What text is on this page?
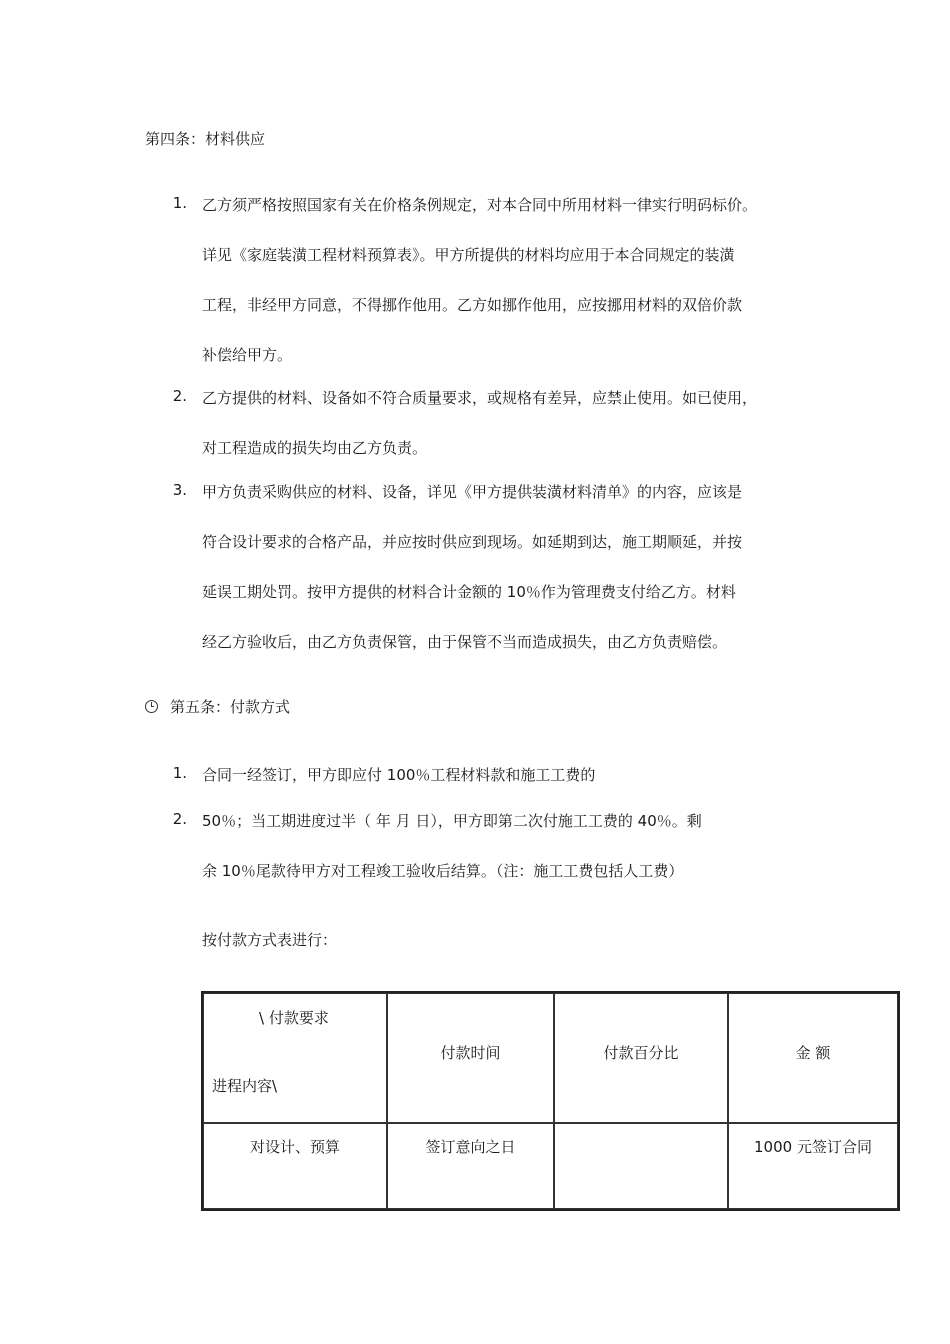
第四条：材料供应
1. 乙方须严格按照国家有关在价格条例规定，对本合同中所用材料一律实行明码标价。
详见《家庭装潢工程材料预算表》。甲方所提供的材料均应用于本合同规定的装潢
工程，非经甲方同意，不得挪作他用。乙方如挪作他用，应按挪用材料的双倍价款
补偿给甲方。
2. 乙方提供的材料、设备如不符合质量要求，或规格有差异，应禁止使用。如已使用，
对工程造成的损失均由乙方负责。
3. 甲方负责采购供应的材料、设备，详见《甲方提供装潢材料清单》的内容，应该是
符合设计要求的合格产品，并应按时供应到现场。如延期到达，施工期顺延，并按
延误工期处罚。按甲方提供的材料合计金额的 10％作为管理费支付给乙方。材料
经乙方验收后，由乙方负责保管，由于保管不当而造成损失，由乙方负责赔偿。
第五条：付款方式
1. 合同一经签订，甲方即应付 100％工程材料款和施工工费的
2. 50％；当工期进度过半（ 年 月 日），甲方即第二次付施工工费的 40％。剩
余 10％尾款待甲方对工程竣工验收后结算。（注：施工工费包括人工费）
按付款方式表进行：
\ 付款要求
进程内容\	付款时间	付款百分比	金 额

对设计、预算	签订意向之日		1000 元签订合同
